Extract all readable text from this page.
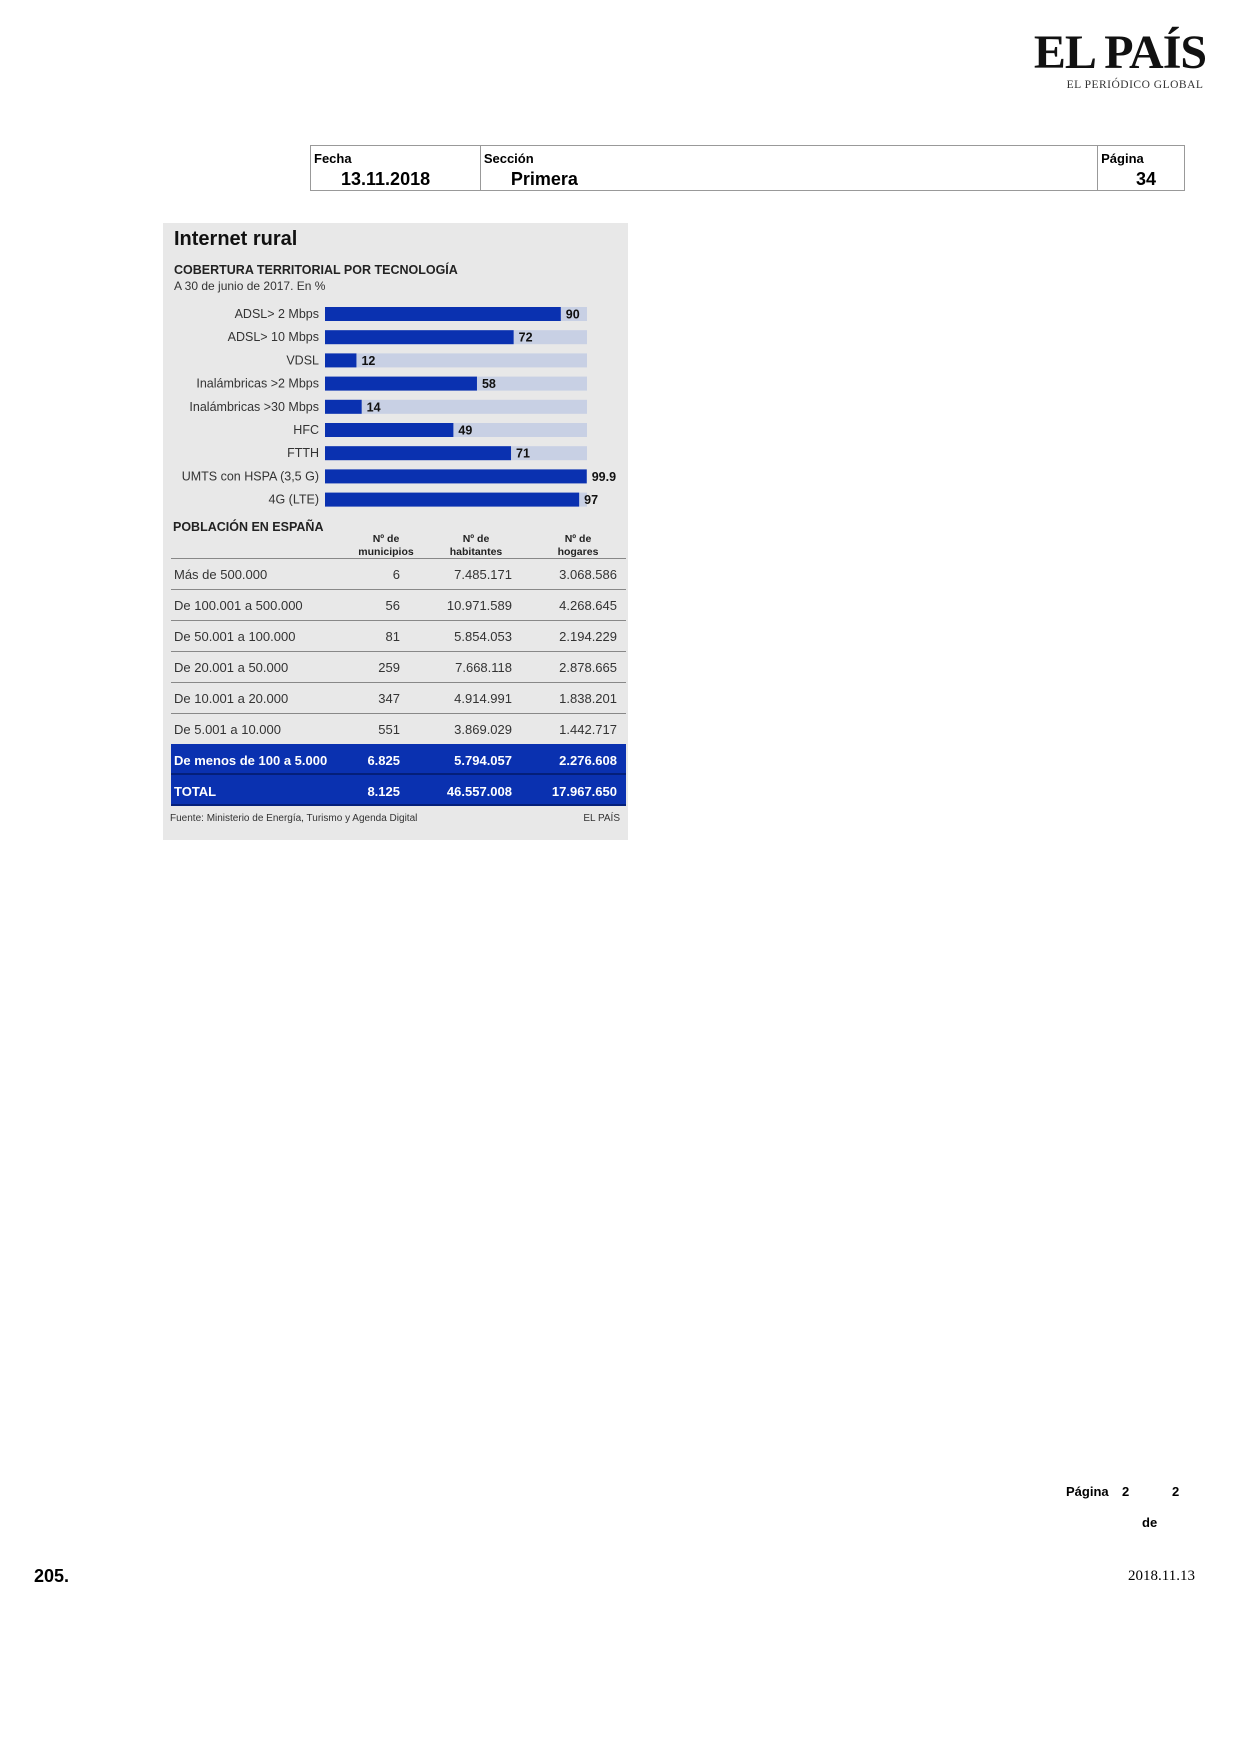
EL PAÍS
EL PERIÓDICO GLOBAL
Fecha
13.11.2018
Sección
Primera
Página
34
Internet rural
COBERTURA TERRITORIAL POR TECNOLOGÍA
A 30 de junio de 2017. En %
ADSL> 2 Mbps	90
ADSL> 10 Mbps	72
VDSL	12
Inalámbricas >2 Mbps	58
Inalámbricas >30 Mbps	14
HFC	49
FTTH	71
UMTS con HSPA (3,5 G)	99.9
4G (LTE)	97
POBLACIÓN EN ESPAÑA
Nº de municipios
Nº de habitantes
Nº de hogares
Más de 500.000	6	7.485.171	3.068.586
De 100.001 a 500.000	56	10.971.589	4.268.645
De 50.001 a 100.000	81	5.854.053	2.194.229
De 20.001 a 50.000	259	7.668.118	2.878.665
De 10.001 a 20.000	347	4.914.991	1.838.201
De 5.001 a 10.000	551	3.869.029	1.442.717
De menos de 100 a 5.000	6.825	5.794.057	2.276.608
TOTAL	8.125	46.557.008	17.967.650
Fuente: Ministerio de Energía, Turismo y Agenda Digital	EL PAÍS
Página 2	2
de
205.	2018.11.13
